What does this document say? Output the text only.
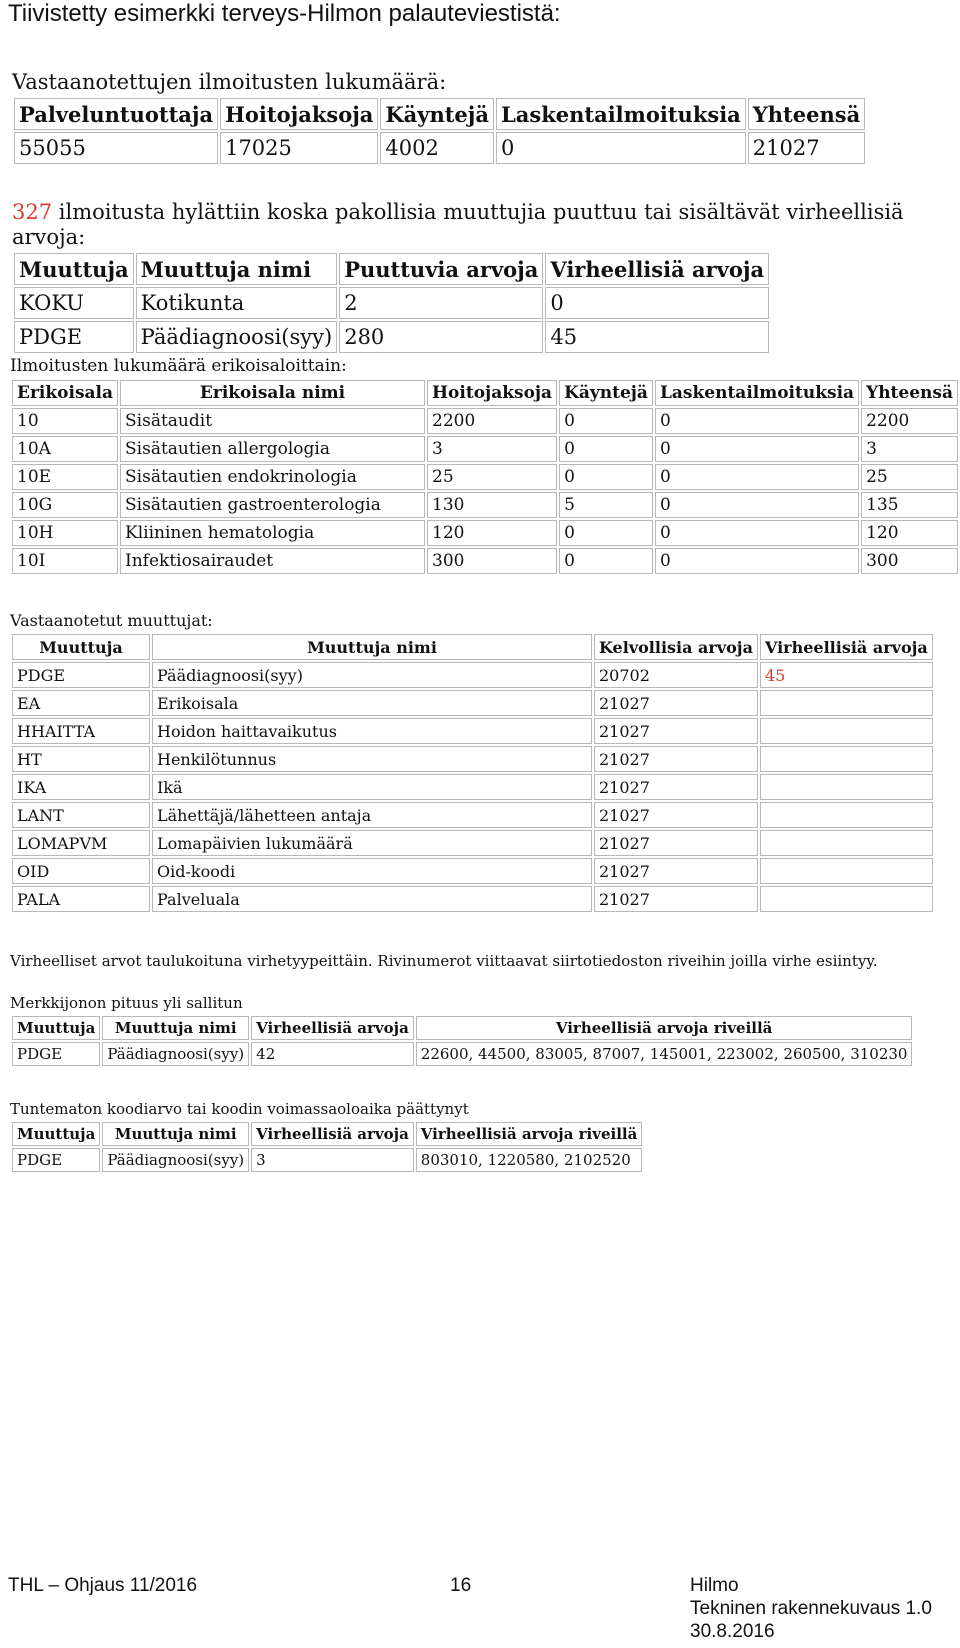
Tiivistetty esimerkki terveys-Hilmon palauteviestistä:
Vastaanotettujen ilmoitusten lukumäärä:
Palveluntuottaja	Hoitojaksoja	Käyntejä	Laskentailmoituksia	Yhteensä
55055	17025	4002	0	21027
327 ilmoitusta hylättiin koska pakollisia muuttujia puuttuu tai sisältävät virheellisiä arvoja:
Muuttuja	Muuttuja nimi	Puuttuvia arvoja	Virheellisiä arvoja
KOKU	Kotikunta	2	0
PDGE	Päädiagnoosi(syy)	280	45
Ilmoitusten lukumäärä erikoisaloittain:
Erikoisala	Erikoisala nimi	Hoitojaksoja	Käyntejä	Laskentailmoituksia	Yhteensä
10	Sisätaudit	2200	0	0	2200
10A	Sisätautien allergologia	3	0	0	3
10E	Sisätautien endokrinologia	25	0	0	25
10G	Sisätautien gastroenterologia	130	5	0	135
10H	Kliininen hematologia	120	0	0	120
10I	Infektiosairaudet	300	0	0	300
Vastaanotetut muuttujat:
Muuttuja	Muuttuja nimi	Kelvollisia arvoja	Virheellisiä arvoja
PDGE	Päädiagnoosi(syy)	20702	45
EA	Erikoisala	21027	
HHAITTA	Hoidon haittavaikutus	21027	
HT	Henkilötunnus	21027	
IKA	Ikä	21027	
LANT	Lähettäjä/lähetteen antaja	21027	
LOMAPVM	Lomapäivien lukumäärä	21027	
OID	Oid-koodi	21027	
PALA	Palveluala	21027	

Virheelliset arvot taulukoituna virhetyypeittäin. Rivinumerot viittaavat siirtotiedoston riveihin joilla virhe esiintyy.

Merkkijonon pituus yli sallitun
Muuttuja	Muuttuja nimi	Virheellisiä arvoja	Virheellisiä arvoja riveillä
PDGE	Päädiagnoosi(syy)	42	22600, 44500, 83005, 87007, 145001, 223002, 260500, 310230
Tuntematon koodiarvo tai koodin voimassaoloaika päättynyt
Muuttuja	Muuttuja nimi	Virheellisiä arvoja	Virheellisiä arvoja riveillä
PDGE	Päädiagnoosi(syy)	3	803010, 1220580, 2102520
THL – Ohjaus 11/2016	16	Hilmo
Tekninen rakennekuvaus 1.0
30.8.2016
